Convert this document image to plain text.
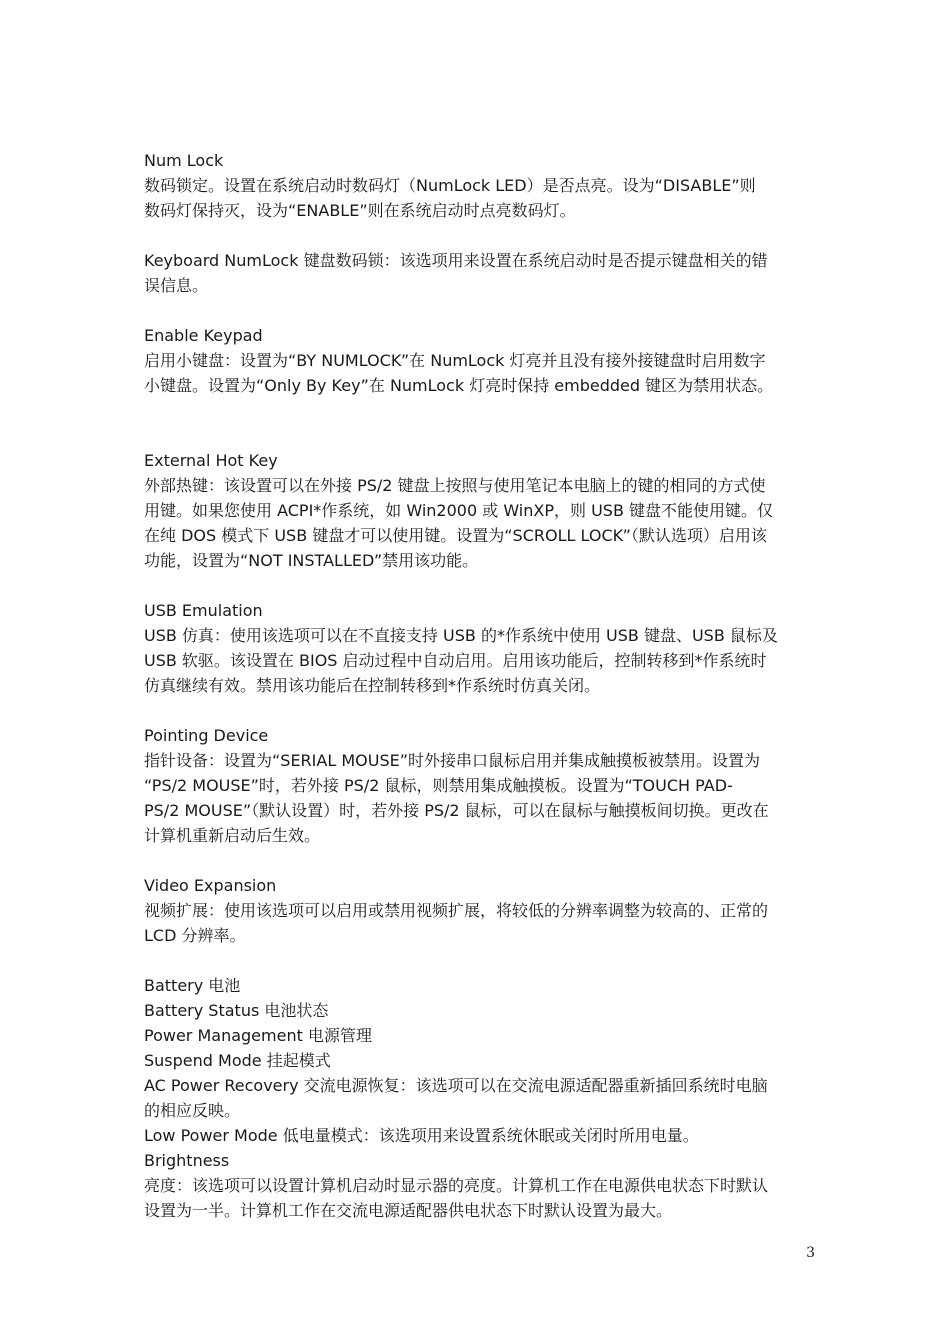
Num Lock
数码锁定。设置在系统启动时数码灯（NumLock LED）是否点亮。设为“DISABLE”则
数码灯保持灭，设为“ENABLE”则在系统启动时点亮数码灯。
Keyboard NumLock 键盘数码锁：该选项用来设置在系统启动时是否提示键盘相关的错
误信息。
Enable Keypad
启用小键盘：设置为“BY NUMLOCK”在 NumLock 灯亮并且没有接外接键盘时启用数字
小键盘。设置为“Only By Key”在 NumLock 灯亮时保持 embedded 键区为禁用状态。
External Hot Key
外部热键：该设置可以在外接 PS/2 键盘上按照与使用笔记本电脑上的键的相同的方式使
用键。如果您使用 ACPI*作系统，如 Win2000 或 WinXP，则 USB 键盘不能使用键。仅
在纯 DOS 模式下 USB 键盘才可以使用键。设置为“SCROLL LOCK”（默认选项）启用该
功能，设置为“NOT INSTALLED”禁用该功能。
USB Emulation
USB 仿真：使用该选项可以在不直接支持 USB 的*作系统中使用 USB 键盘、USB 鼠标及
USB 软驱。该设置在 BIOS 启动过程中自动启用。启用该功能后，控制转移到*作系统时
仿真继续有效。禁用该功能后在控制转移到*作系统时仿真关闭。
Pointing Device
指针设备：设置为“SERIAL MOUSE”时外接串口鼠标启用并集成触摸板被禁用。设置为
“PS/2 MOUSE”时，若外接 PS/2 鼠标，则禁用集成触摸板。设置为“TOUCH PAD-
PS/2 MOUSE”（默认设置）时，若外接 PS/2 鼠标，可以在鼠标与触摸板间切换。更改在
计算机重新启动后生效。
Video Expansion
视频扩展：使用该选项可以启用或禁用视频扩展，将较低的分辨率调整为较高的、正常的
LCD 分辨率。
Battery 电池
Battery Status 电池状态
Power Management 电源管理
Suspend Mode 挂起模式
AC Power Recovery 交流电源恢复：该选项可以在交流电源适配器重新插回系统时电脑
的相应反映。
Low Power Mode 低电量模式：该选项用来设置系统休眠或关闭时所用电量。
Brightness
亮度：该选项可以设置计算机启动时显示器的亮度。计算机工作在电源供电状态下时默认
设置为一半。计算机工作在交流电源适配器供电状态下时默认设置为最大。
3
